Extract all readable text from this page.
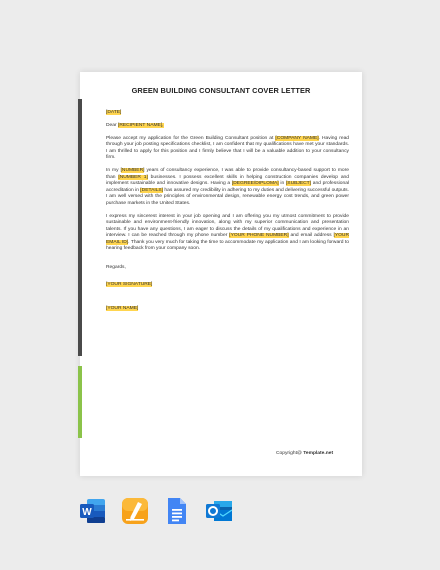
GREEN BUILDING CONSULTANT COVER LETTER

[DATE]

Dear [RECIPIENT NAME],

Please accept my application for the Green Building Consultant position at [COMPANY NAME]. Having read through your job posting specifications checklist, I am confident that my qualifications have met your standards. I am thrilled to apply for this position and I firmly believe that I will be a valuable addition to your consultancy firm.

In my [NUMBER] years of consultancy experience, I was able to provide consultancy-based support to more than [NUMBER 1] businesses. I possess excellent skills in helping construction companies develop and implement sustainable and innovative designs. Having a [DEGREE/DIPLOMA] in [SUBJECT] and professional accreditation in [DETAILS] has assured my credibility in adhering to my duties and delivering successful outputs. I am well versed with the principles of environmental design, renewable energy cost trends, and green power purchase markets in the United States.

I express my sincerest interest in your job opening and I am offering you my utmost commitment to provide sustainable and environment-friendly innovation, along with my superior communication and presentation talents. If you have any questions, I am eager to discuss the details of my qualifications and experience in an interview. I can be reached through my phone number [YOUR PHONE NUMBER] and email address [YOUR EMAIL ID]. Thank you very much for taking the time to accommodate my application and I am looking forward to hearing feedback from your company soon.

Regards,

[YOUR SIGNATURE]

[YOUR NAME]

Copyright@ Template.net
W
